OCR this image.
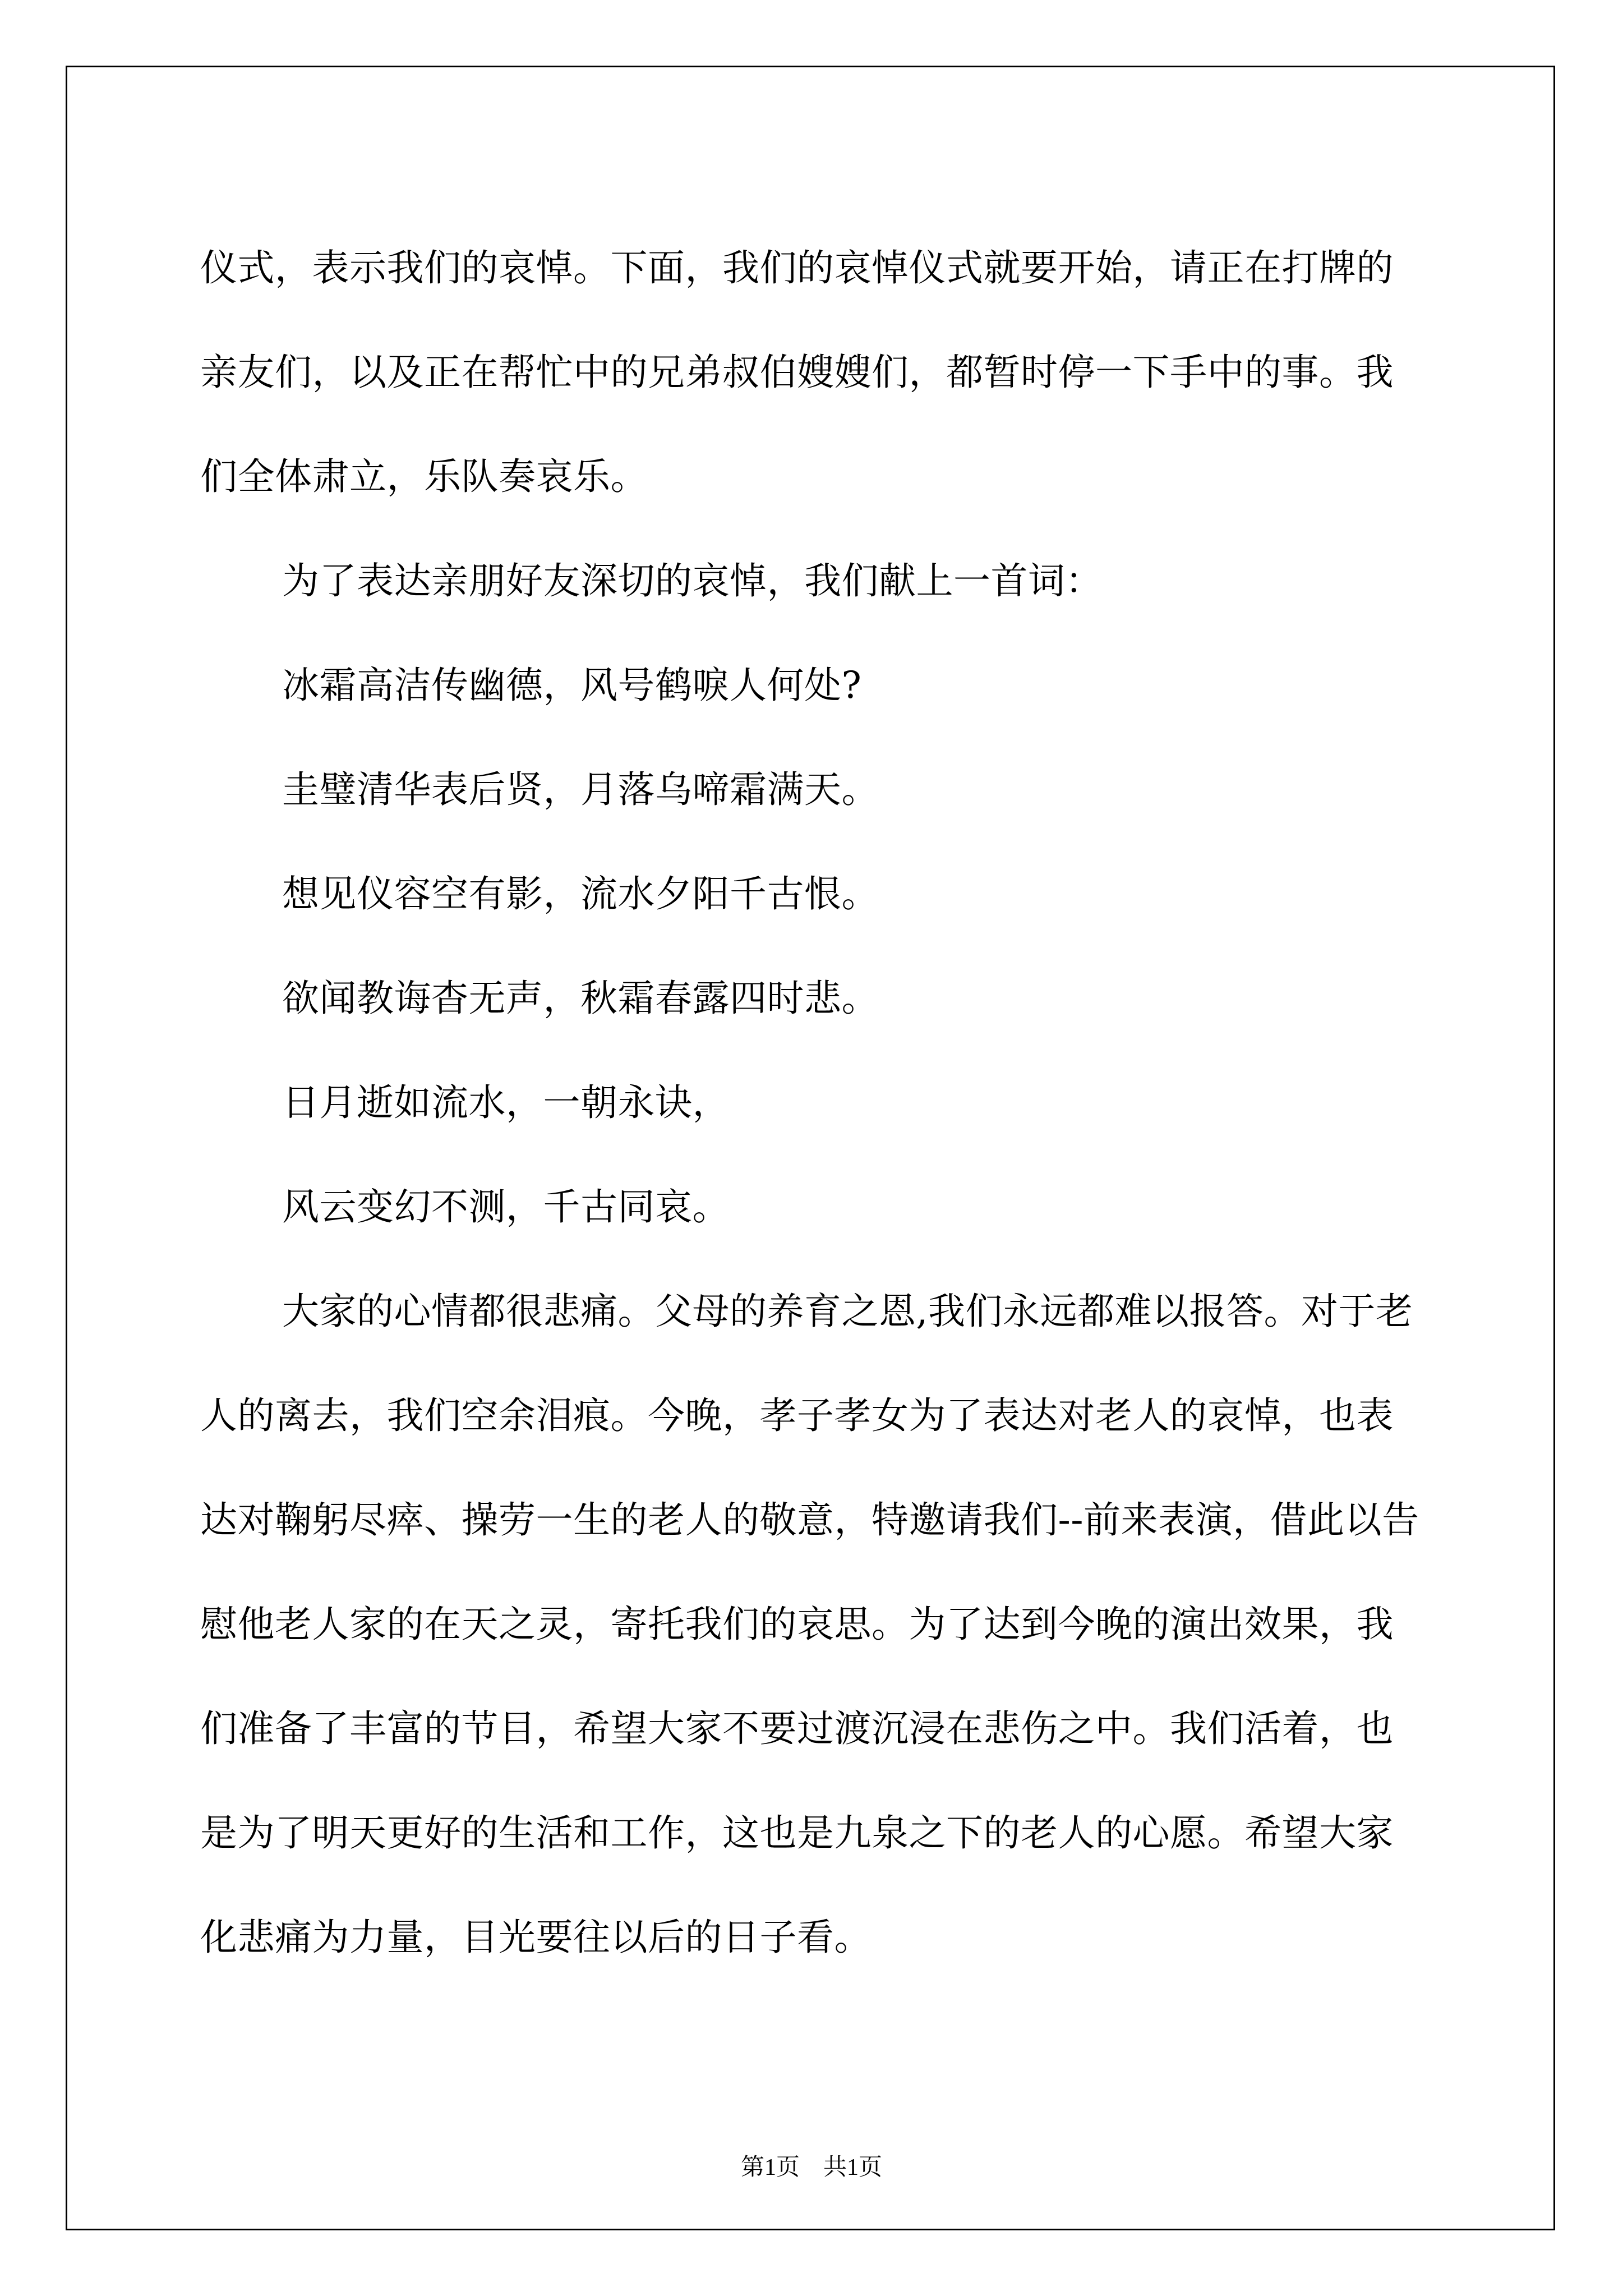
仪式，表示我们的哀悼。下面，我们的哀悼仪式就要开始，请正在打牌的亲友们，以及正在帮忙中的兄弟叔伯嫂嫂们，都暂时停一下手中的事。我们全体肃立，乐队奏哀乐。

为了表达亲朋好友深切的哀悼，我们献上一首词：

冰霜高洁传幽德，风号鹤唳人何处?

圭璧清华表后贤，月落乌啼霜满天。

想见仪容空有影，流水夕阳千古恨。

欲闻教诲杳无声，秋霜春露四时悲。

日月逝如流水，一朝永诀，

风云变幻不测，千古同哀。

大家的心情都很悲痛。父母的养育之恩,我们永远都难以报答。对于老人的离去，我们空余泪痕。今晚，孝子孝女为了表达对老人的哀悼，也表达对鞠躬尽瘁、操劳一生的老人的敬意，特邀请我们--前来表演，借此以告慰他老人家的在天之灵，寄托我们的哀思。为了达到今晚的演出效果，我们准备了丰富的节目，希望大家不要过渡沉浸在悲伤之中。我们活着，也是为了明天更好的生活和工作，这也是九泉之下的老人的心愿。希望大家化悲痛为力量，目光要往以后的日子看。

第1页　共1页
